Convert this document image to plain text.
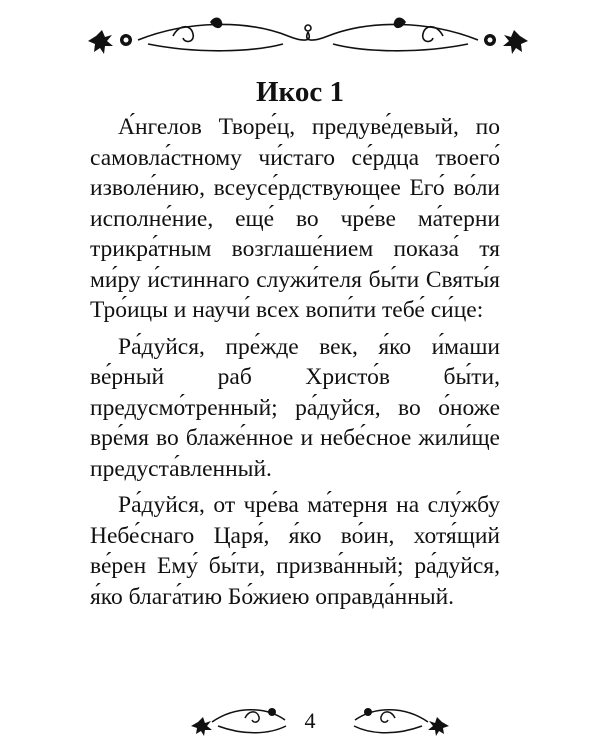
Икос 1

А́нгелов Творе́ц, предуве́девый, по самовла́стному чи́стаго се́рдца твоего́ изволе́нию, всеусе́рдствующее Его́ во́ли исполне́ние, еще́ во чре́ве ма́терни трикра́тным возглаше́нием показа́ тя ми́ру и́стиннаго служи́теля бы́ти Святы́я Тро́ицы и научи́ всех вопи́ти тебе́ си́це:

Ра́дуйся, пре́жде век, я́ко и́маши ве́рный раб Христо́в бы́ти, предусмо́тренный; ра́дуйся, во о́ноже вре́мя во блаже́нное и небе́сное жили́ще предуста́вленный.

Ра́дуйся, от чре́ва ма́терня на слу́жбу Небе́снаго Царя́, я́ко во́ин, хотя́щий ве́рен Ему́ бы́ти, призва́нный; ра́дуйся, я́ко блага́тию Бо́жиею оправда́нный.

4
